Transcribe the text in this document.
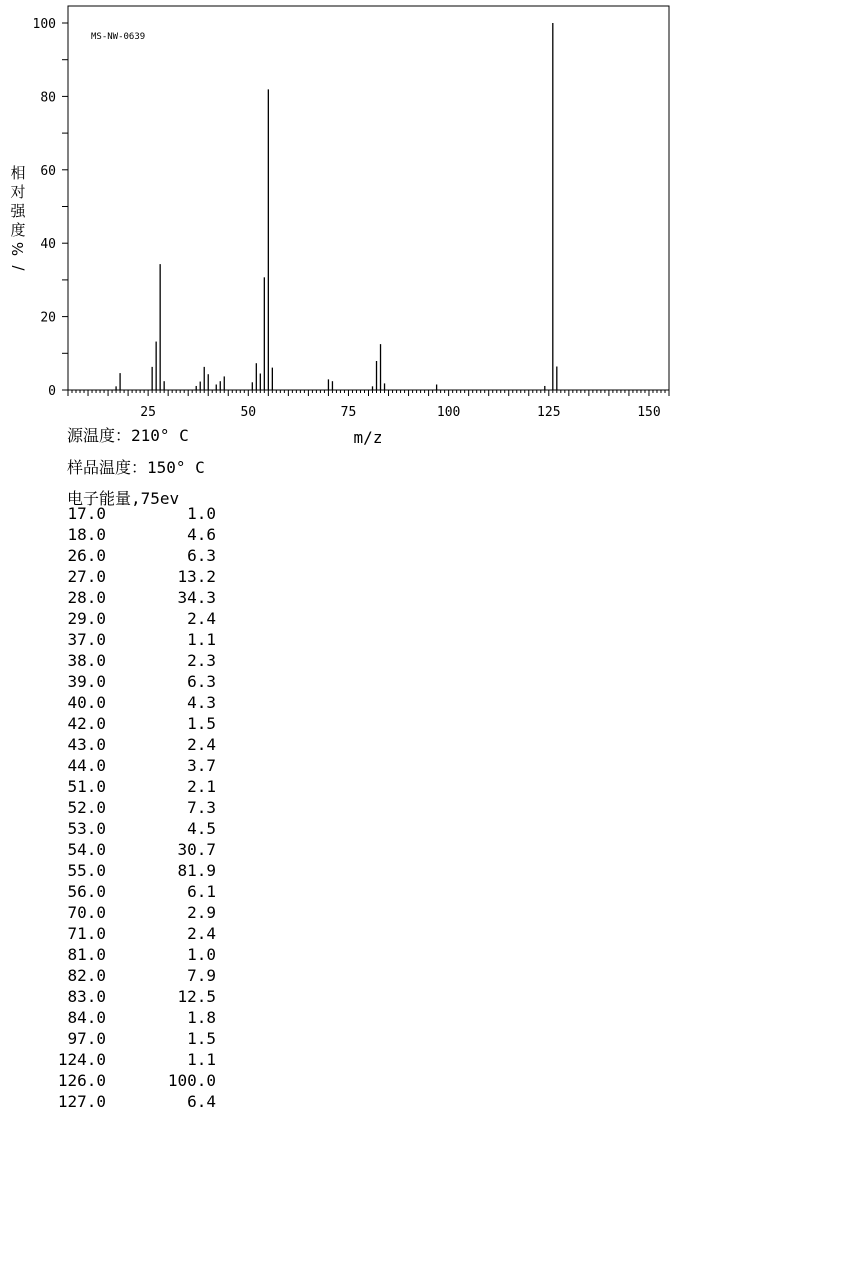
MS-NW-0639
相
对
强
度
%
/
m/z
25	50	75	100	125	150
0
20
40
60
80
100
源温度：210° C
样品温度：150° C
电子能量,75ev
17.0	1.0
18.0	4.6
26.0	6.3
27.0	13.2
28.0	34.3
29.0	2.4
37.0	1.1
38.0	2.3
39.0	6.3
40.0	4.3
42.0	1.5
43.0	2.4
44.0	3.7
51.0	2.1
52.0	7.3
53.0	4.5
54.0	30.7
55.0	81.9
56.0	6.1
70.0	2.9
71.0	2.4
81.0	1.0
82.0	7.9
83.0	12.5
84.0	1.8
97.0	1.5
124.0	1.1
126.0	100.0
127.0	6.4
